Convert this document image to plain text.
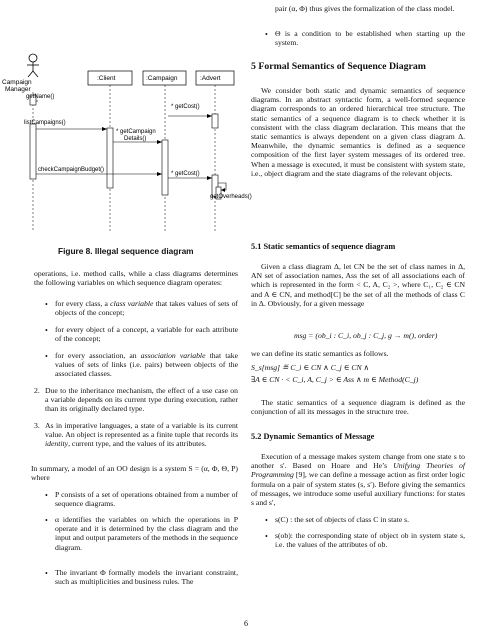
Campaign
Manager
:Client	:Campaign	:Advert
getName()
* getCost()
listCampaigns()
* getCampaign
Details()
checkCampaignBudget()
* getCost()
getOverheads()
Figure 8. Illegal sequence diagram

operations, i.e. method calls, while a class diagrams determines the following variables on which sequence diagram operates:

• for every class, a class variable that takes values of sets of objects of the concept;

• for every object of a concept, a variable for each attribute of the concept;

• for every association, an association variable that take values of sets of links (i.e. pairs) between objects of the associated classes.

2. Due to the inheritance mechanism, the effect of a use case on a variable depends on its current type during execution, rather than its originally declared type.

3. As in imperative languages, a state of a variable is its current value. An object is represented as a finite tuple that records its identity, current type, and the values of its attributes.

In summary, a model of an OO design is a system S = (α, Φ, Θ, P) where

• P consists of a set of operations obtained from a number of sequence diagrams.

• α identifies the variables on which the operations in P operate and it is determined by the class diagram and the input and output parameters of the methods in the sequence diagram.

• The invariant Φ formally models the invariant constraint, such as multiplicities and business rules. The

pair (α, Φ) thus gives the formalization of the class model.

• Θ is a condition to be established when starting up the system.

5 Formal Semantics of Sequence Diagram

We consider both static and dynamic semantics of sequence diagrams. In an abstract syntactic form, a well-formed sequence diagram corresponds to an ordered hierarchical tree structure. The static semantics of a sequence diagram is to check whether it is consistent with the class diagram declaration. This means that the static semantics is always dependent on a given class diagram Δ. Meanwhile, the dynamic semantics is defined as a sequence composition of the first layer system messages of its ordered tree. When a message is executed, it must be consistent with system state, i.e., object diagram and the state diagrams of the relevant objects.

5.1 Static semantics of sequence diagram

Given a class diagram Δ, let CN be the set of class names in Δ, AN set of association names, Ass the set of all associations each of which is represented in the form < C, A, C₂ >, where C₁, C₂ ∈ CN and A ∈ CN, and method[C] be the set of all the methods of class C in Δ. Obviously, for a given message

msg = (ob_i : C_i, ob_j : C_j, g → m(), order)

we can define its static semantics as follows.

S_s[msg] ≝ C_i ∈ CN ∧ C_j ∈ CN ∧

∃A ∈ CN · < C_i, A, C_j > ∈ Ass ∧ m ∈ Method(C_j)

The static semantics of a sequence diagram is defined as the conjunction of all its messages in the structure tree.

5.2 Dynamic Semantics of Message

Execution of a message makes system change from one state s to another s′. Based on Hoare and He’s Unifying Theories of Programming [9], we can define a message action as first order logic formula on a pair of system states (s, s′). Before giving the semantics of messages, we introduce some useful auxiliary functions: for states s and s′,

• s(C) : the set of objects of class C in state s.

• s(ob): the corresponding state of object ob in system state s, i.e. the values of the attributes of ob.

6
